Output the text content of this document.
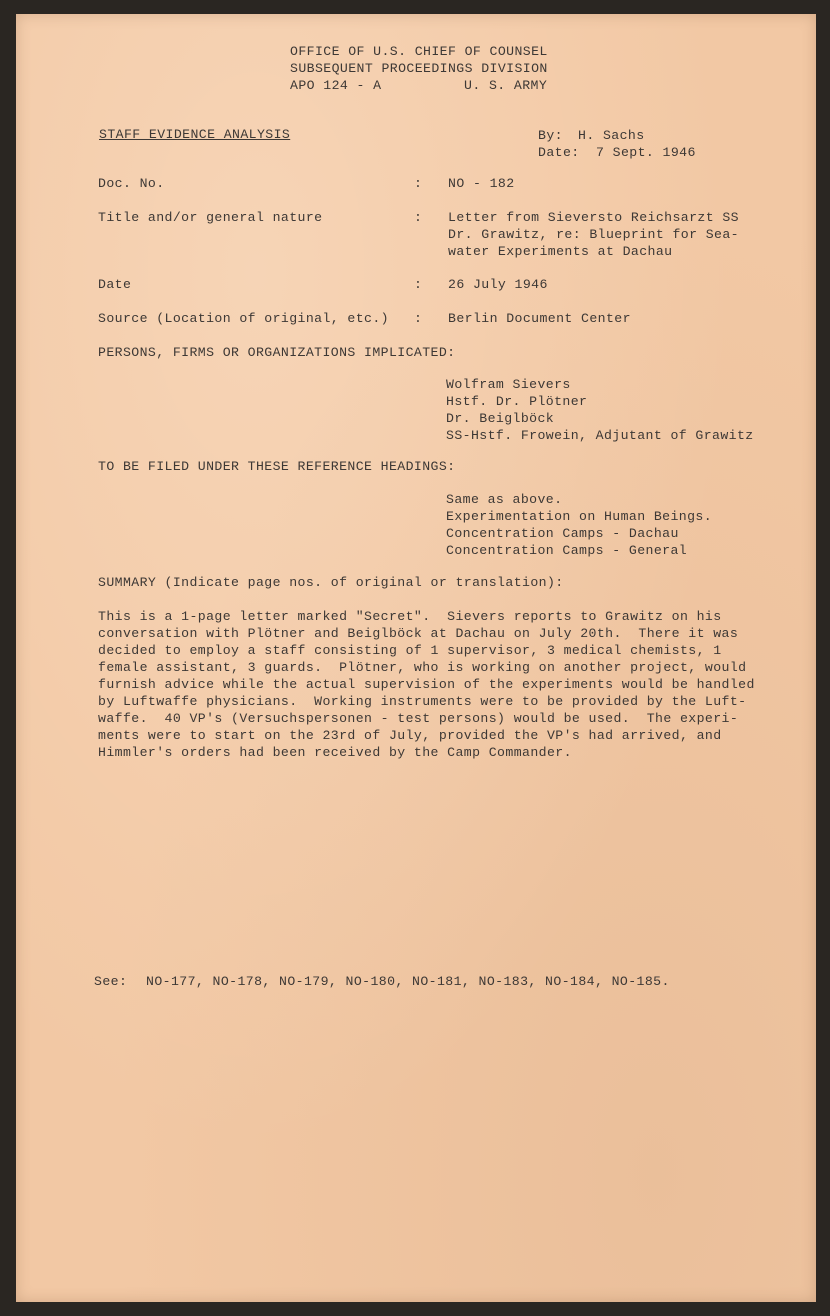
OFFICE OF U.S. CHIEF OF COUNSEL
SUBSEQUENT PROCEEDINGS DIVISION
APO 124 - A	U. S. ARMY
STAFF EVIDENCE ANALYSIS	By: H. Sachs
Date: 7 Sept. 1946
Doc. No.	: NO - 182
Title and/or general nature	: Letter from Sieversto Reichsarzt SS
Dr. Grawitz, re: Blueprint for Sea-
water Experiments at Dachau
Date	: 26 July 1946
Source (Location of original, etc.) : Berlin Document Center
PERSONS, FIRMS OR ORGANIZATIONS IMPLICATED:
Wolfram Sievers
Hstf. Dr. Plötner
Dr. Beiglböck
SS-Hstf. Frowein, Adjutant of Grawitz
TO BE FILED UNDER THESE REFERENCE HEADINGS:
Same as above.
Experimentation on Human Beings.
Concentration Camps - Dachau
Concentration Camps - General
SUMMARY (Indicate page nos. of original or translation):
This is a 1-page letter marked "Secret".  Sievers reports to Grawitz on his
conversation with Plötner and Beiglböck at Dachau on July 20th.  There it was
decided to employ a staff consisting of 1 supervisor, 3 medical chemists, 1
female assistant, 3 guards.  Plötner, who is working on another project, would
furnish advice while the actual supervision of the experiments would be handled
by Luftwaffe physicians.  Working instruments were to be provided by the Luft-
waffe.  40 VP's (Versuchspersonen - test persons) would be used.  The experi-
ments were to start on the 23rd of July, provided the VP's had arrived, and
Himmler's orders had been received by the Camp Commander.
See: NO-177, NO-178, NO-179, NO-180, NO-181, NO-183, NO-184, NO-185.
